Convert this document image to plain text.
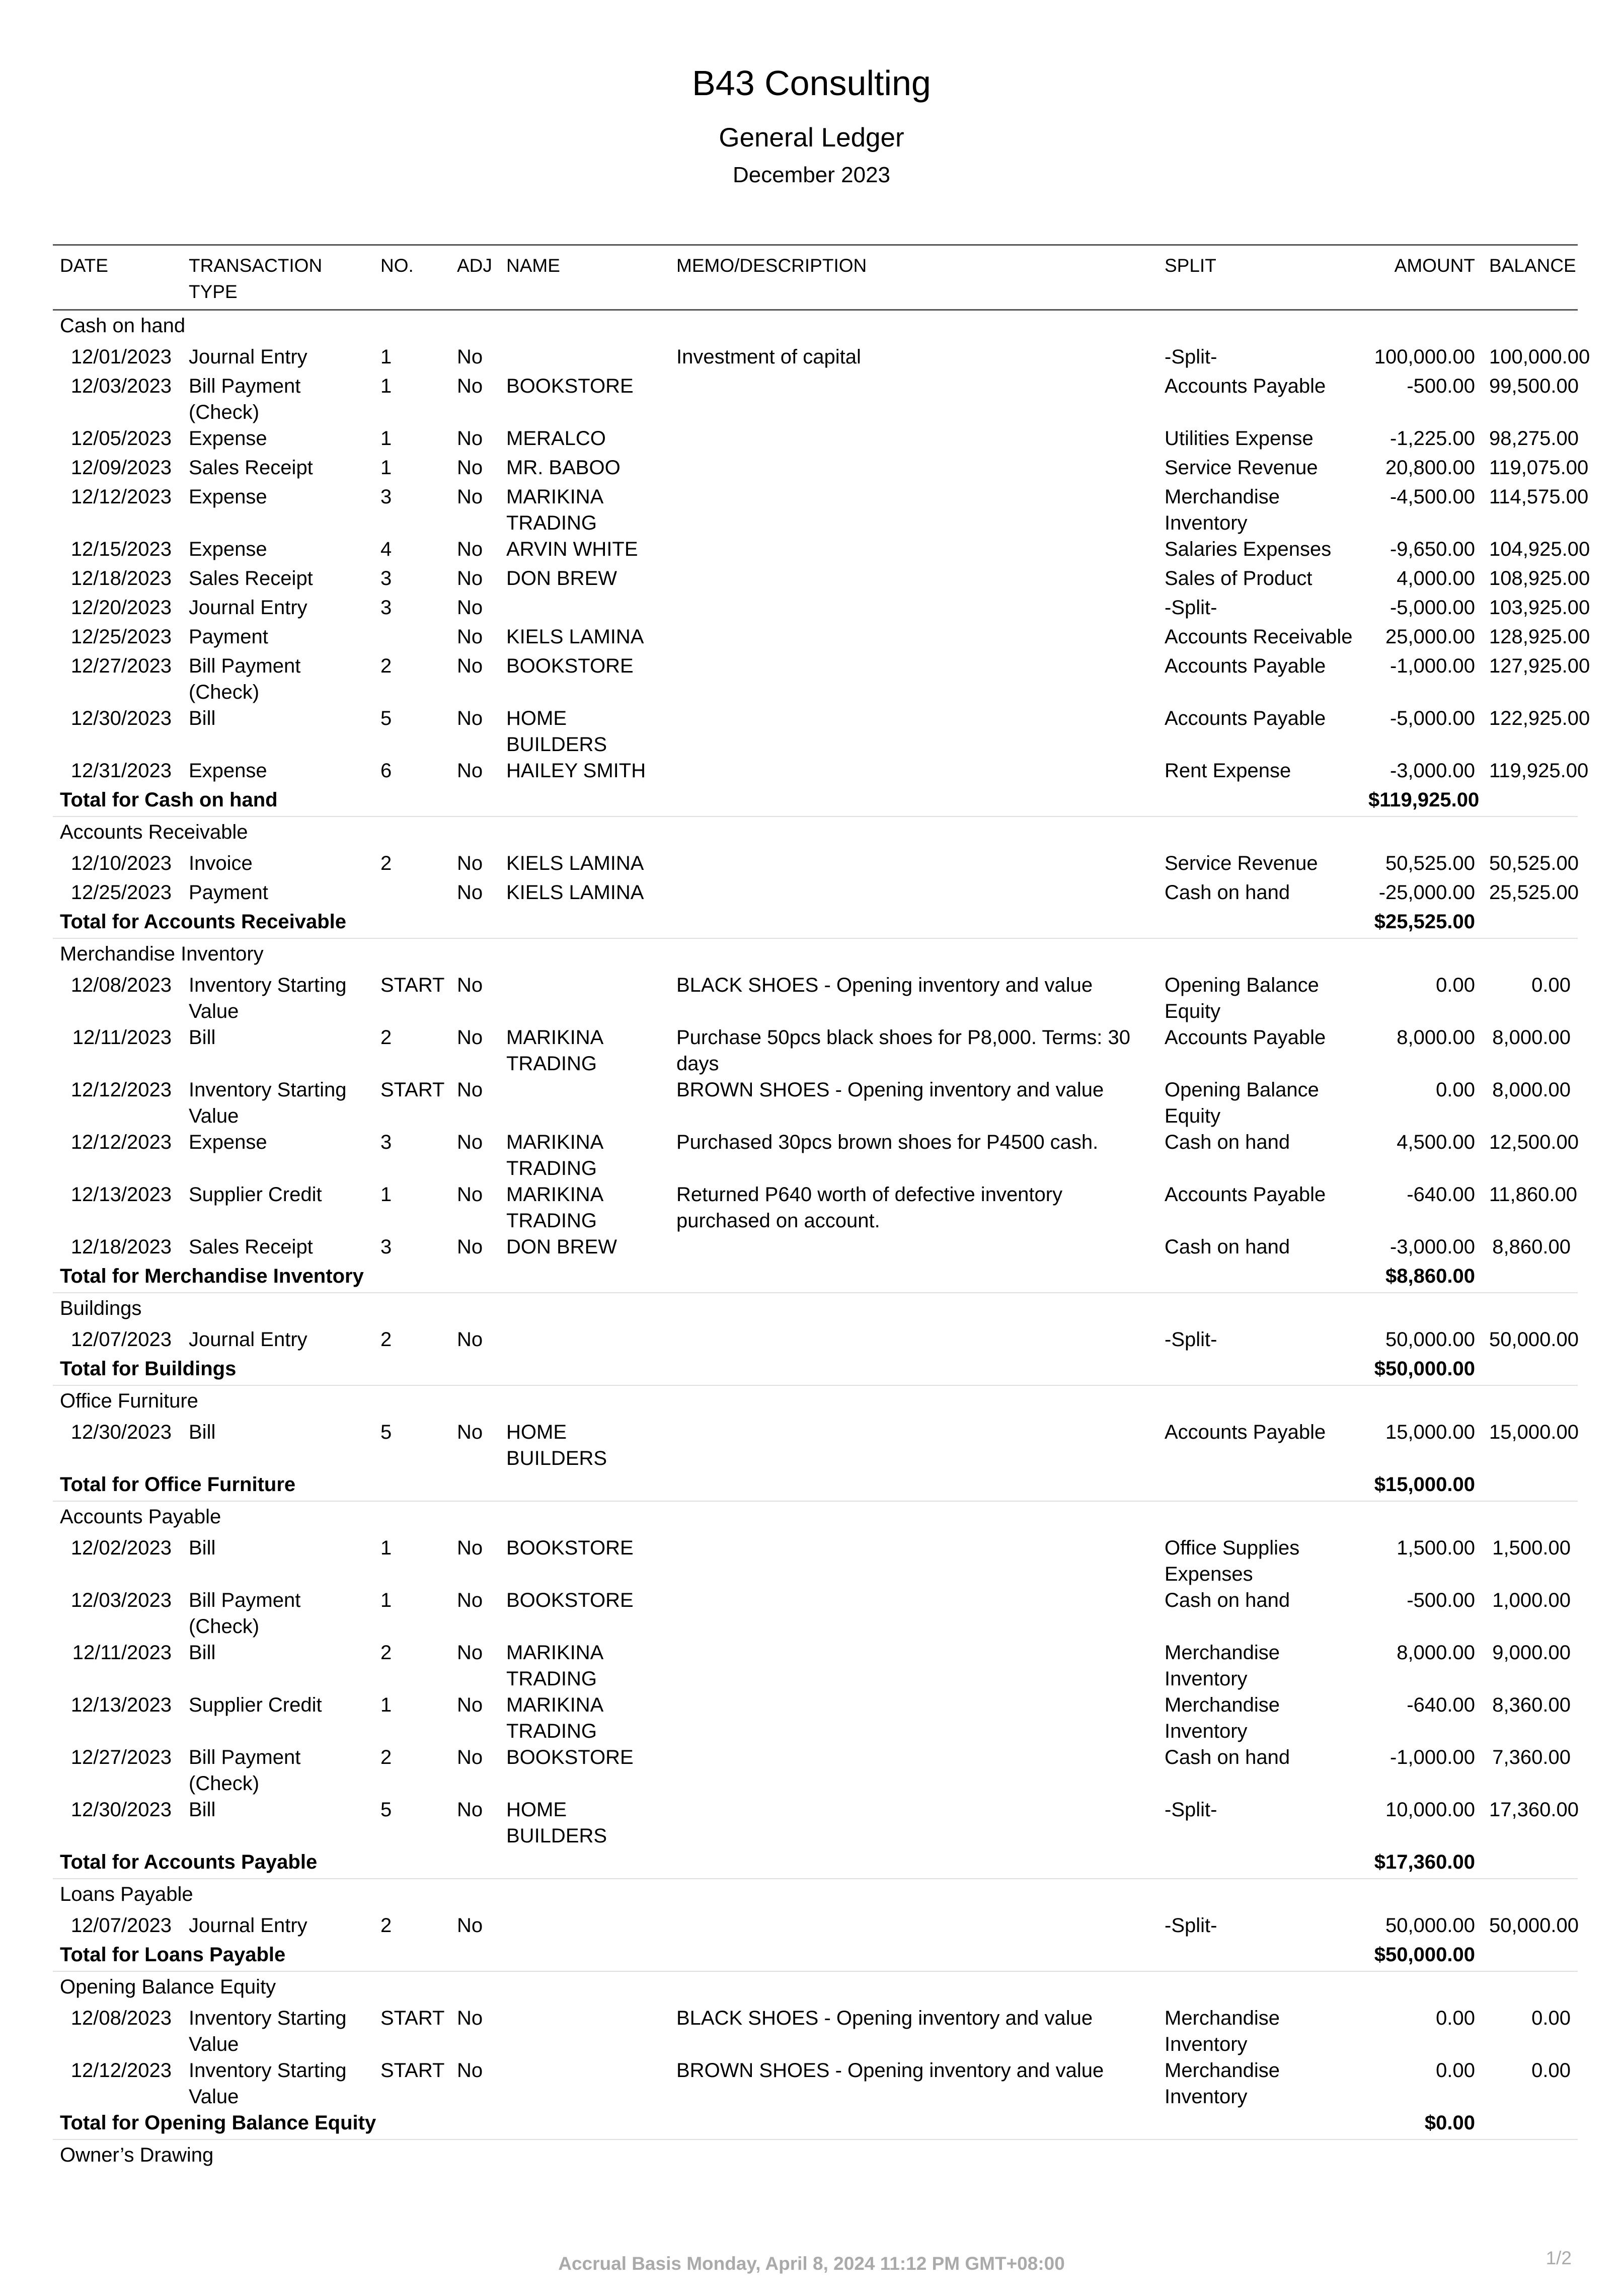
B43 Consulting
General Ledger
December 2023
DATE	TRANSACTION TYPE	NO.	ADJ	NAME	MEMO/DESCRIPTION	SPLIT	AMOUNT	BALANCE
Cash on hand								
12/01/2023	Journal Entry	1	No		Investment of capital	-Split-	100,000.00	100,000.00
12/03/2023	Bill Payment (Check)	1	No	BOOKSTORE		Accounts Payable	-500.00	99,500.00
12/05/2023	Expense	1	No	MERALCO		Utilities Expense	-1,225.00	98,275.00
12/09/2023	Sales Receipt	1	No	MR. BABOO		Service Revenue	20,800.00	119,075.00
12/12/2023	Expense	3	No	MARIKINA TRADING		Merchandise Inventory	-4,500.00	114,575.00
12/15/2023	Expense	4	No	ARVIN WHITE		Salaries Expenses	-9,650.00	104,925.00
12/18/2023	Sales Receipt	3	No	DON BREW		Sales of Product	4,000.00	108,925.00
12/20/2023	Journal Entry	3	No			-Split-	-5,000.00	103,925.00
12/25/2023	Payment		No	KIELS LAMINA		Accounts Receivable	25,000.00	128,925.00
12/27/2023	Bill Payment (Check)	2	No	BOOKSTORE		Accounts Payable	-1,000.00	127,925.00
12/30/2023	Bill	5	No	HOME BUILDERS		Accounts Payable	-5,000.00	122,925.00
12/31/2023	Expense	6	No	HAILEY SMITH		Rent Expense	-3,000.00	119,925.00
Total for Cash on hand							$119,925.00	
Accounts Receivable								
12/10/2023	Invoice	2	No	KIELS LAMINA		Service Revenue	50,525.00	50,525.00
12/25/2023	Payment		No	KIELS LAMINA		Cash on hand	-25,000.00	25,525.00
Total for Accounts Receivable							$25,525.00	
Merchandise Inventory								
12/08/2023	Inventory Starting Value	START	No		BLACK SHOES - Opening inventory and value	Opening Balance Equity	0.00	0.00
12/11/2023	Bill	2	No	MARIKINA TRADING	Purchase 50pcs black shoes for P8,000. Terms: 30 days	Accounts Payable	8,000.00	8,000.00
12/12/2023	Inventory Starting Value	START	No		BROWN SHOES - Opening inventory and value	Opening Balance Equity	0.00	8,000.00
12/12/2023	Expense	3	No	MARIKINA TRADING	Purchased 30pcs brown shoes for P4500 cash.	Cash on hand	4,500.00	12,500.00
12/13/2023	Supplier Credit	1	No	MARIKINA TRADING	Returned P640 worth of defective inventory purchased on account.	Accounts Payable	-640.00	11,860.00
12/18/2023	Sales Receipt	3	No	DON BREW		Cash on hand	-3,000.00	8,860.00
Total for Merchandise Inventory							$8,860.00	
Buildings								
12/07/2023	Journal Entry	2	No			-Split-	50,000.00	50,000.00
Total for Buildings							$50,000.00	
Office Furniture								
12/30/2023	Bill	5	No	HOME BUILDERS		Accounts Payable	15,000.00	15,000.00
Total for Office Furniture							$15,000.00	
Accounts Payable								
12/02/2023	Bill	1	No	BOOKSTORE		Office Supplies Expenses	1,500.00	1,500.00
12/03/2023	Bill Payment (Check)	1	No	BOOKSTORE		Cash on hand	-500.00	1,000.00
12/11/2023	Bill	2	No	MARIKINA TRADING		Merchandise Inventory	8,000.00	9,000.00
12/13/2023	Supplier Credit	1	No	MARIKINA TRADING		Merchandise Inventory	-640.00	8,360.00
12/27/2023	Bill Payment (Check)	2	No	BOOKSTORE		Cash on hand	-1,000.00	7,360.00
12/30/2023	Bill	5	No	HOME BUILDERS		-Split-	10,000.00	17,360.00
Total for Accounts Payable							$17,360.00	
Loans Payable								
12/07/2023	Journal Entry	2	No			-Split-	50,000.00	50,000.00
Total for Loans Payable							$50,000.00	
Opening Balance Equity								
12/08/2023	Inventory Starting Value	START	No		BLACK SHOES - Opening inventory and value	Merchandise Inventory	0.00	0.00
12/12/2023	Inventory Starting Value	START	No		BROWN SHOES - Opening inventory and value	Merchandise Inventory	0.00	0.00
Total for Opening Balance Equity							$0.00	
Owner’s Drawing								
Accrual Basis Monday, April 8, 2024 11:12 PM GMT+08:00	1/2
